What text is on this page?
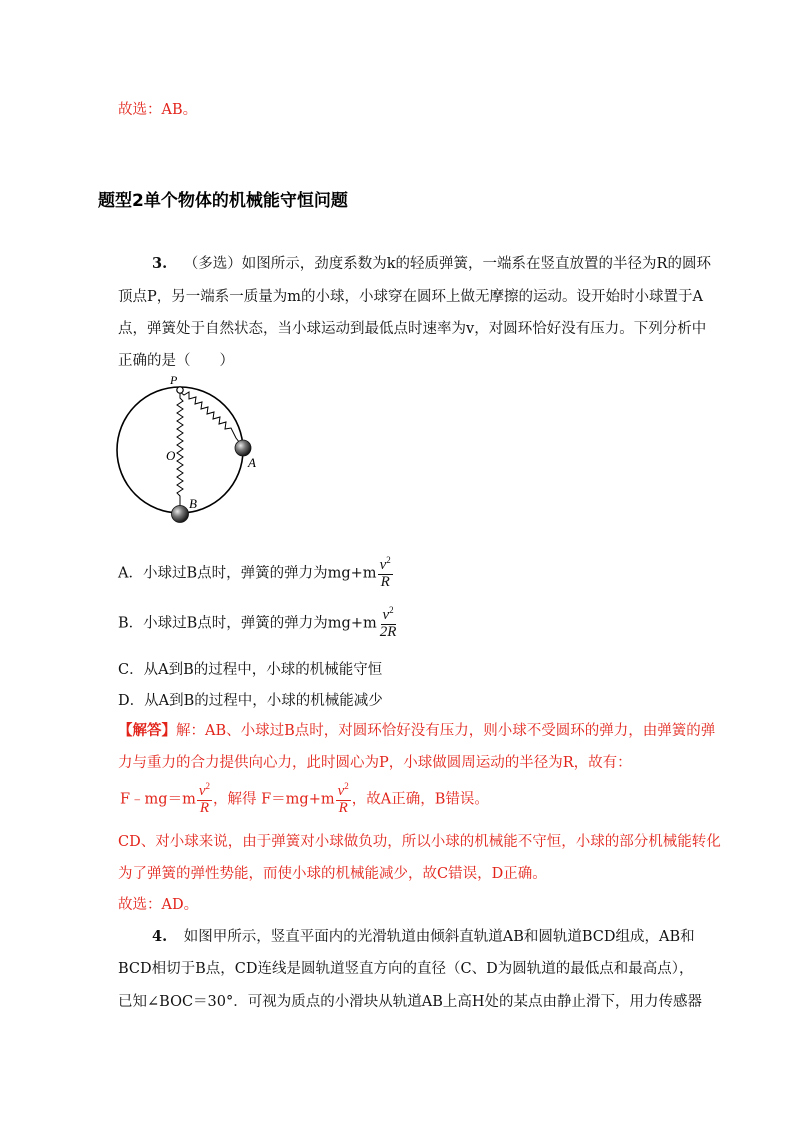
故选：AB。
题型2单个物体的机械能守恒问题
3. （多选）如图所示，劲度系数为k的轻质弹簧，一端系在竖直放置的半径为R的圆环
顶点P，另一端系一质量为m的小球，小球穿在圆环上做无摩擦的运动。设开始时小球置于A
点，弹簧处于自然状态，当小球运动到最低点时速率为v，对圆环恰好没有压力。下列分析中
正确的是（　　）
P
O	A
B
A．小球过B点时，弹簧的弹力为$mg+m \frac{v^2}{R}$
B．小球过B点时，弹簧的弹力为$mg+m \frac{v^2}{2R}$
C．从A到B的过程中，小球的机械能守恒
D．从A到B的过程中，小球的机械能减少
【解答】解：AB、小球过B点时，对圆环恰好没有压力，则小球不受圆环的弹力，由弹簧的弹
力与重力的合力提供向心力，此时圆心为P，小球做圆周运动的半径为R，故有：
F﹣mg＝m $\frac{v^2}{R}$ ，解得 $F=mg+m \frac{v^2}{R}$ ，故A正确，B错误。
CD、对小球来说，由于弹簧对小球做负功，所以小球的机械能不守恒，小球的部分机械能转化
为了弹簧的弹性势能，而使小球的机械能减少，故C错误，D正确。
故选：AD。
4. 如图甲所示，竖直平面内的光滑轨道由倾斜直轨道AB和圆轨道BCD组成，AB和
BCD相切于B点，CD连线是圆轨道竖直方向的直径（C、D为圆轨道的最低点和最高点），
已知∠BOC＝30°．可视为质点的小滑块从轨道AB上高H处的某点由静止滑下，用力传感器
